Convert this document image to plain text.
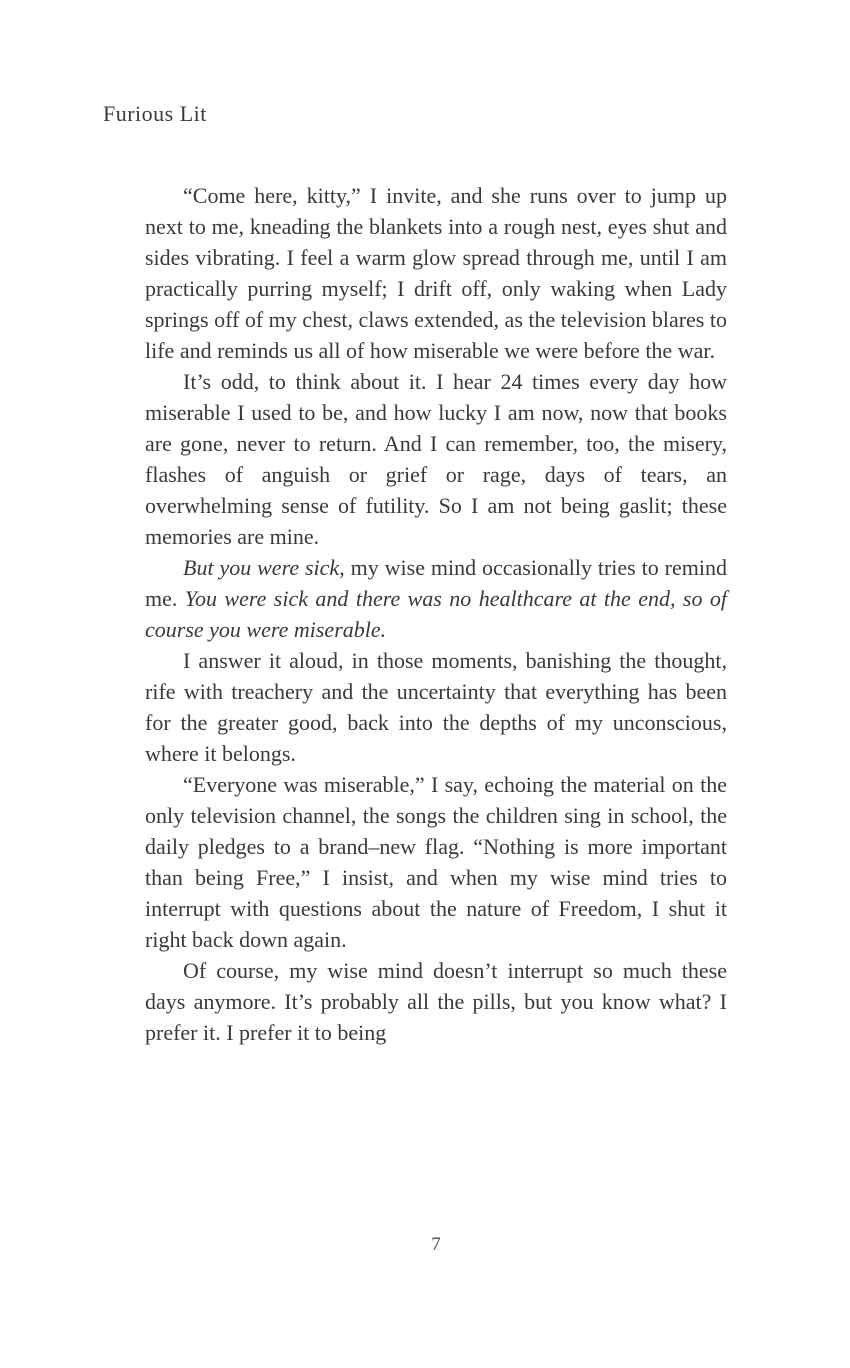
Furious Lit

“Come here, kitty,” I invite, and she runs over to jump up next to me, kneading the blankets into a rough nest, eyes shut and sides vibrating. I feel a warm glow spread through me, until I am practically purring myself; I drift off, only waking when Lady springs off of my chest, claws extended, as the television blares to life and reminds us all of how miserable we were before the war.

It’s odd, to think about it. I hear 24 times every day how miserable I used to be, and how lucky I am now, now that books are gone, never to return. And I can remember, too, the misery, flashes of anguish or grief or rage, days of tears, an overwhelming sense of futility. So I am not being gaslit; these memories are mine.

But you were sick, my wise mind occasionally tries to remind me. You were sick and there was no healthcare at the end, so of course you were miserable.

I answer it aloud, in those moments, banishing the thought, rife with treachery and the uncertainty that everything has been for the greater good, back into the depths of my unconscious, where it belongs.

“Everyone was miserable,” I say, echoing the material on the only television channel, the songs the children sing in school, the daily pledges to a brand–new flag. “Nothing is more important than being Free,” I insist, and when my wise mind tries to interrupt with questions about the nature of Freedom, I shut it right back down again.

Of course, my wise mind doesn’t interrupt so much these days anymore. It’s probably all the pills, but you know what? I prefer it. I prefer it to being

7
